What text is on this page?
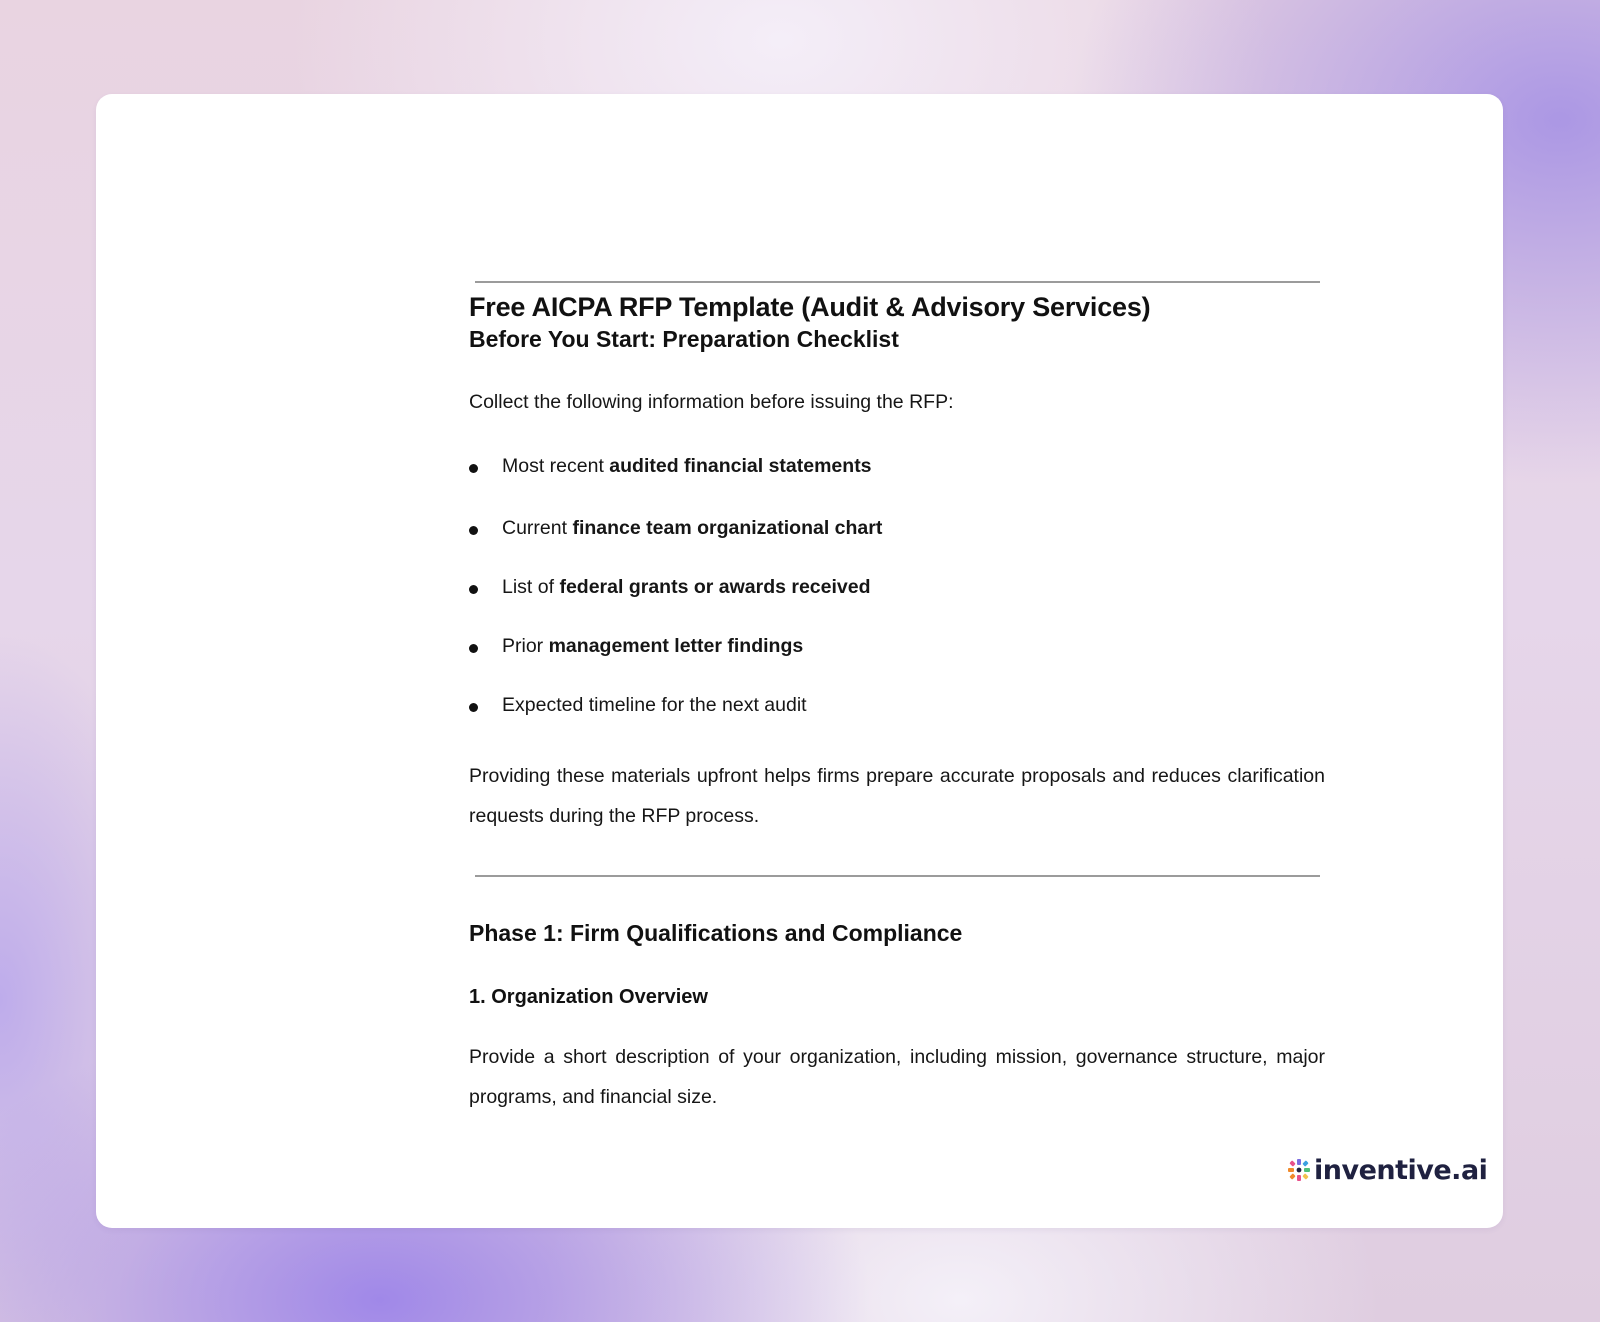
Free AICPA RFP Template (Audit & Advisory Services)
Before You Start: Preparation Checklist

Collect the following information before issuing the RFP:

Most recent audited financial statements
Current finance team organizational chart
List of federal grants or awards received
Prior management letter findings
Expected timeline for the next audit

Providing these materials upfront helps firms prepare accurate proposals and reduces clarification requests during the RFP process.

Phase 1: Firm Qualifications and Compliance
1. Organization Overview

Provide a short description of your organization, including mission, governance structure, major programs, and financial size.

inventive.ai
